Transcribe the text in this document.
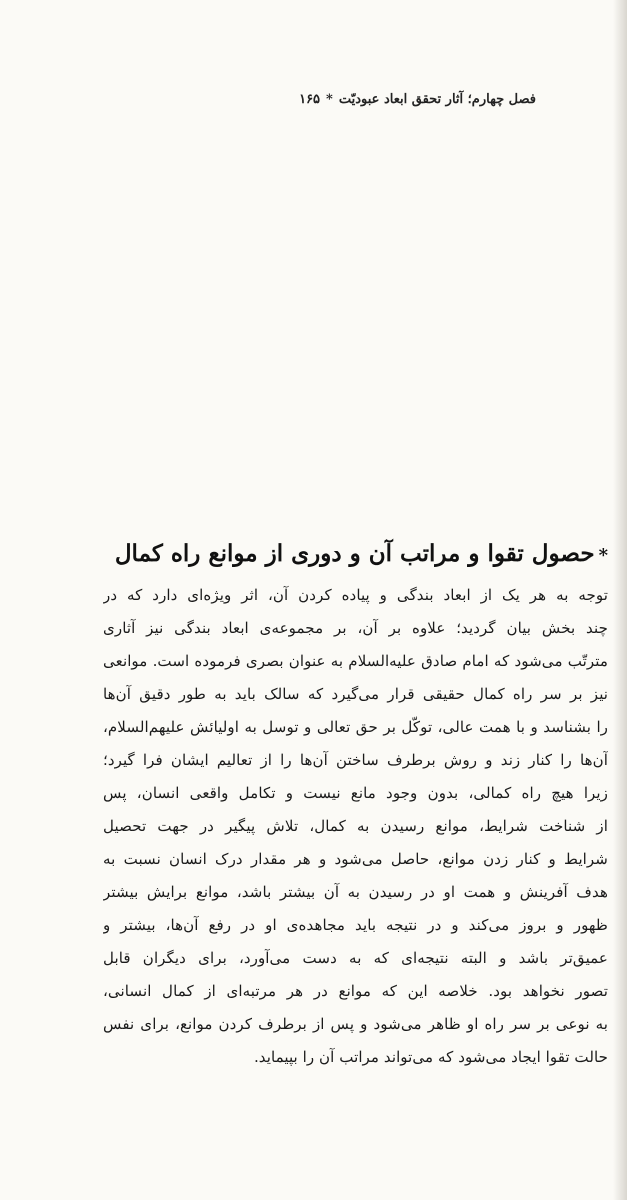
فصل چهارم؛ آثار تحقق ابعاد عبودیّت*۱۶۵
*حصول تقوا و مراتب آن و دوری از موانع راه کمال
توجه به هر یک از ابعاد بندگی و پیاده کردن آن، اثر ویژه‌ای دارد که در
چند بخش بیان گردید؛ علاوه بر آن، بر مجموعه‌ی ابعاد بندگی نیز آثاری
مترتّب می‌شود که امام صادق علیه‌السلام به عنوان بصری فرموده است. موانعی
نیز بر سر راه کمال حقیقی قرار می‌گیرد که سالک باید به طور دقیق آن‌ها
را بشناسد و با همت عالی، توکّل بر حق تعالی و توسل به اولیائش علیهم‌السلام،
آن‌ها را کنار زند و روش برطرف ساختن آن‌ها را از تعالیم ایشان فرا گیرد؛
زیرا هیچ راه کمالی، بدون وجود مانع نیست و تکامل واقعی انسان، پس
از شناخت شرایط، موانع رسیدن به کمال، تلاش پیگیر در جهت تحصیل
شرایط و کنار زدن موانع، حاصل می‌شود و هر مقدار درک انسان نسبت به
هدف آفرینش و همت او در رسیدن به آن بیشتر باشد، موانع برایش بیشتر
ظهور و بروز می‌کند و در نتیجه باید مجاهده‌ی او در رفع آن‌ها، بیشتر و
عمیق‌تر باشد و البته نتیجه‌ای که به دست می‌آورد، برای دیگران قابل
تصور نخواهد بود. خلاصه این که موانع در هر مرتبه‌ای از کمال انسانی،
به نوعی بر سر راه او ظاهر می‌شود و پس از برطرف کردن موانع، برای نفس
حالت تقوا ایجاد می‌شود که می‌تواند مراتب آن را بپیماید.
